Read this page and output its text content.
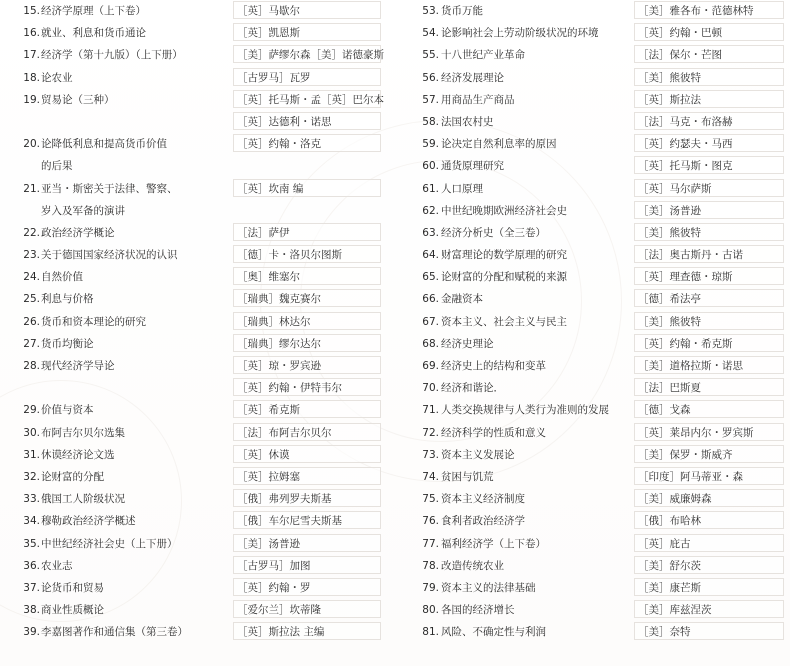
15. 经济学原理（上下卷）	［英］马歇尔
16. 就业、利息和货币通论	［英］凯恩斯
17. 经济学（第十九版）（上下册）	［美］萨缪尔森［美］诺德豪斯
18. 论农业	［古罗马］瓦罗
19. 贸易论（三种）	［英］托马斯・孟［英］巴尔本
［英］达德利・诺思
20. 论降低利息和提高货币价值	［英］约翰・洛克
的后果
21. 亚当・斯密关于法律、警察、	［英］坎南 编
岁入及军备的演讲
22. 政治经济学概论	［法］萨伊
23. 关于德国国家经济状况的认识	［德］卡・洛贝尔图斯
24. 自然价值	［奥］维塞尔
25. 利息与价格	［瑞典］魏克赛尔
26. 货币和资本理论的研究	［瑞典］林达尔
27. 货币均衡论	［瑞典］缪尔达尔
28. 现代经济学导论	［英］琼・罗宾逊
［英］约翰・伊特韦尔
29. 价值与资本	［英］希克斯
30. 布阿吉尔贝尔选集	［法］布阿吉尔贝尔
31. 休谟经济论文选	［英］休谟
32. 论财富的分配	［英］拉姆塞
33. 俄国工人阶级状况	［俄］弗列罗夫斯基
34. 穆勒政治经济学概述	［俄］车尔尼雪夫斯基
35. 中世纪经济社会史（上下册）	［美］汤普逊
36. 农业志	［古罗马］加图
37. 论货币和贸易	［英］约翰・罗
38. 商业性质概论	［爱尔兰］坎蒂隆
39. 李嘉图著作和通信集（第三卷）	［英］斯拉法 主编
53. 货币万能	［美］雅各布・范德林特
54. 论影响社会上劳动阶级状况的环境	［英］约翰・巴顿
55. 十八世纪产业革命	［法］保尔・芒图
56. 经济发展理论	［美］熊彼特
57. 用商品生产商品	［英］斯拉法
58. 法国农村史	［法］马克・布洛赫
59. 论决定自然利息率的原因	［英］约瑟夫・马西
60. 通货原理研究	［英］托马斯・图克
61. 人口原理	［英］马尔萨斯
62. 中世纪晚期欧洲经济社会史	［美］汤普逊
63. 经济分析史（全三卷）	［美］熊彼特
64. 财富理论的数学原理的研究	［法］奥古斯丹・古诺
65. 论财富的分配和赋税的来源	［英］理查德・琼斯
66. 金融资本	［德］希法亭
67. 资本主义、社会主义与民主	［美］熊彼特
68. 经济史理论	［英］约翰・希克斯
69. 经济史上的结构和变革	［美］道格拉斯・诺思
70. 经济和谐论．	［法］巴斯夏
71. 人类交换规律与人类行为准则的发展	［德］戈森
72. 经济科学的性质和意义	［英］莱昂内尔・罗宾斯
73. 资本主义发展论	［美］保罗・斯威齐
74. 贫困与饥荒	［印度］阿马蒂亚・森
75. 资本主义经济制度	［美］威廉姆森
76. 食利者政治经济学	［俄］布哈林
77. 福利经济学（上下卷）	［英］庇古
78. 改造传统农业	［美］舒尔茨
79. 资本主义的法律基础	［美］康芒斯
80. 各国的经济增长	［美］库兹涅茨
81. 风险、不确定性与利润	［美］奈特
